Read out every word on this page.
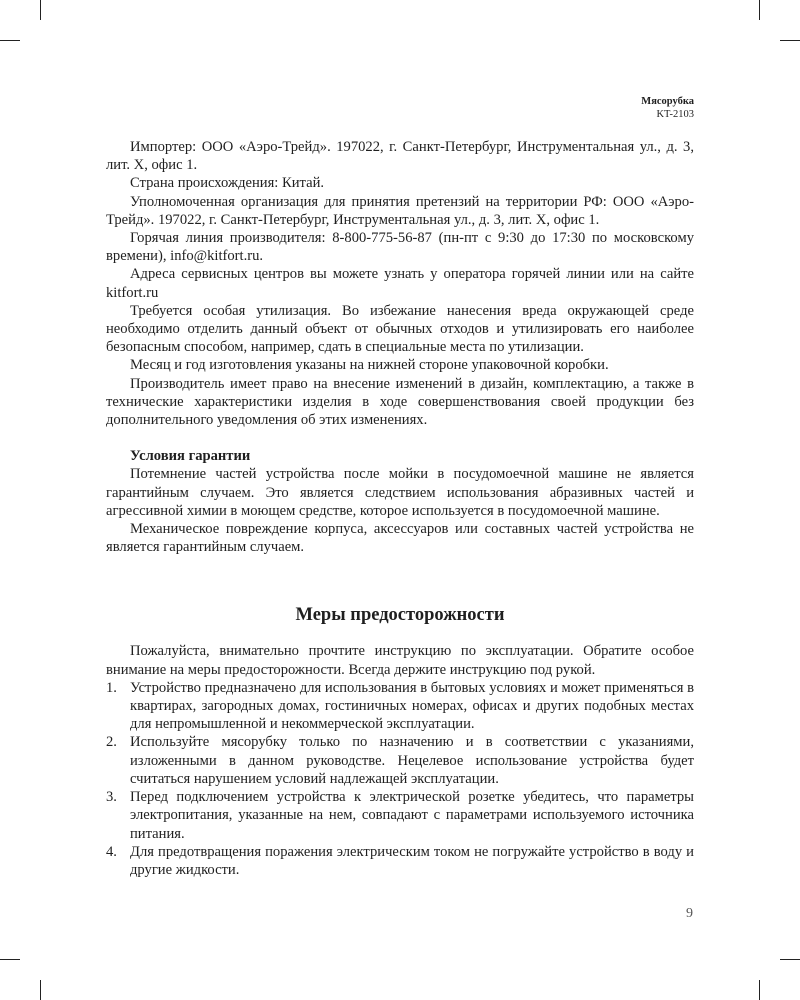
Мясорубка
KT-2103

Импортер: ООО «Аэро-Трейд». 197022, г. Санкт-Петербург, Инструментальная ул., д. 3, лит. Х, офис 1.

Страна происхождения: Китай.

Уполномоченная организация для принятия претензий на территории РФ: ООО «Аэро-Трейд». 197022, г. Санкт-Петербург, Инструментальная ул., д. 3, лит. Х, офис 1.

Горячая линия производителя: 8-800-775-56-87 (пн-пт с 9:30 до 17:30 по московскому времени), info@kitfort.ru.

Адреса сервисных центров вы можете узнать у оператора горячей линии или на сайте kitfort.ru

Требуется особая утилизация. Во избежание нанесения вреда окружающей среде необходимо отделить данный объект от обычных отходов и утилизировать его наиболее безопасным способом, например, сдать в специальные места по утилизации.

Месяц и год изготовления указаны на нижней стороне упаковочной коробки.

Производитель имеет право на внесение изменений в дизайн, комплектацию, а также в технические характеристики изделия в ходе совершенствования своей продукции без дополнительного уведомления об этих изменениях.

Условия гарантии

Потемнение частей устройства после мойки в посудомоечной машине не является гарантийным случаем. Это является следствием использования абразивных частей и агрессивной химии в моющем средстве, которое используется в посудомоечной машине.

Механическое повреждение корпуса, аксессуаров или составных частей устройства не является гарантийным случаем.

Меры предосторожности

Пожалуйста, внимательно прочтите инструкцию по эксплуатации. Обратите особое внимание на меры предосторожности. Всегда держите инструкцию под рукой.

1. Устройство предназначено для использования в бытовых условиях и может применяться в квартирах, загородных домах, гостиничных номерах, офисах и других подобных местах для непромышленной и некоммерческой эксплуатации.
2. Используйте мясорубку только по назначению и в соответствии с указаниями, изложенными в данном руководстве. Нецелевое использование устройства будет считаться нарушением условий надлежащей эксплуатации.
3. Перед подключением устройства к электрической розетке убедитесь, что параметры электропитания, указанные на нем, совпадают с параметрами используемого источника питания.
4. Для предотвращения поражения электрическим током не погружайте устройство в воду и другие жидкости.
9
